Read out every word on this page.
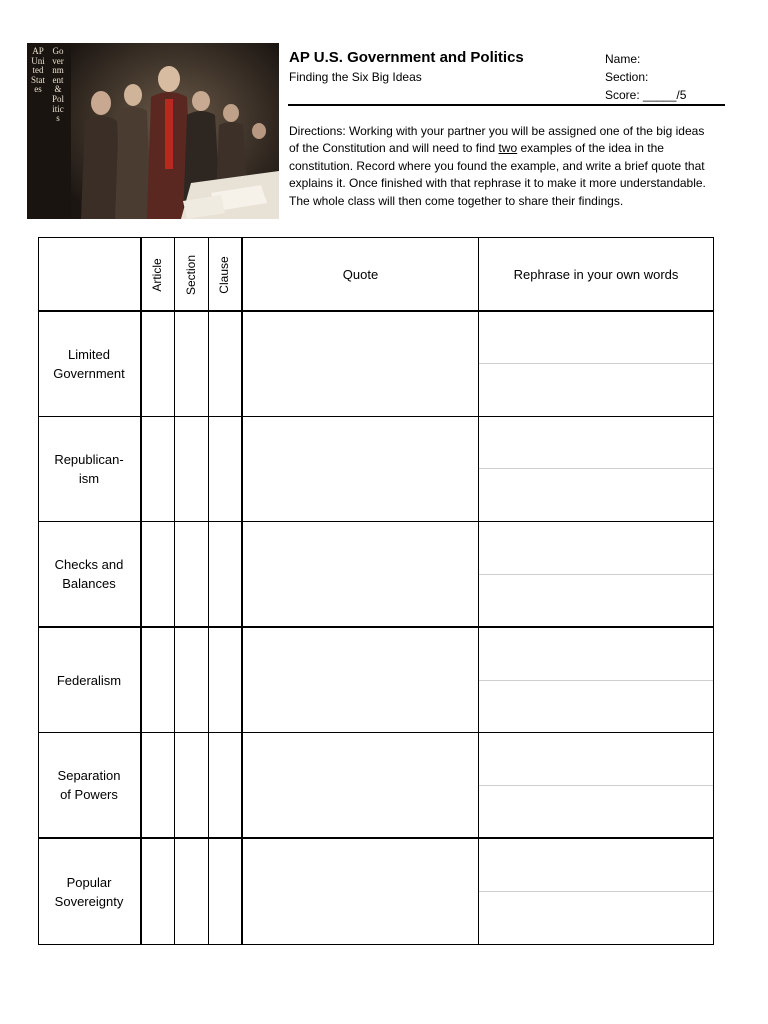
AP United States
Government & Politics
AP U.S. Government and Politics
Finding the Six Big Ideas
Name:
Section:
Score: _____/5
Directions: Working with your partner you will be assigned one of the big ideas of the Constitution and will need to find two examples of the idea in the constitution. Record where you found the example, and write a brief quote that explains it. Once finished with that rephrase it to make it more understandable. The whole class will then come together to share their findings.
Article Section Clause	Quote	Rephrase in your own words
Limited
Government
Republican-
ism
Checks and
Balances
Federalism
Separation
of Powers
Popular
Sovereignty
